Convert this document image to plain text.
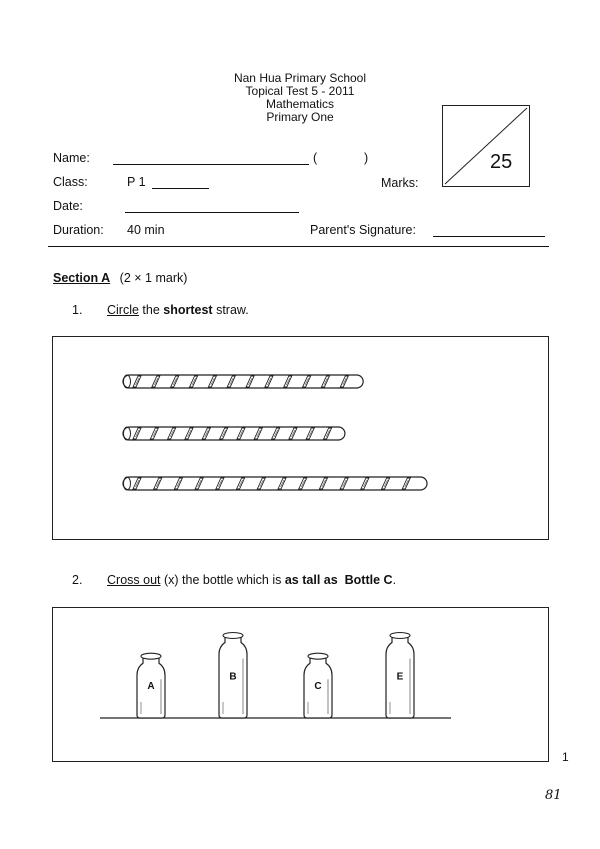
Nan Hua Primary School
Topical Test 5 - 2011
Mathematics
Primary One
25
Name:	(	)
Class:	P 1	Marks:
Date:
Duration: 40 min	Parent's Signature:
Section A (2 × 1 mark)
1. Circle the shortest straw.
2. Cross out (x) the bottle which is as tall as Bottle C.
A
B
C
E
1
81
